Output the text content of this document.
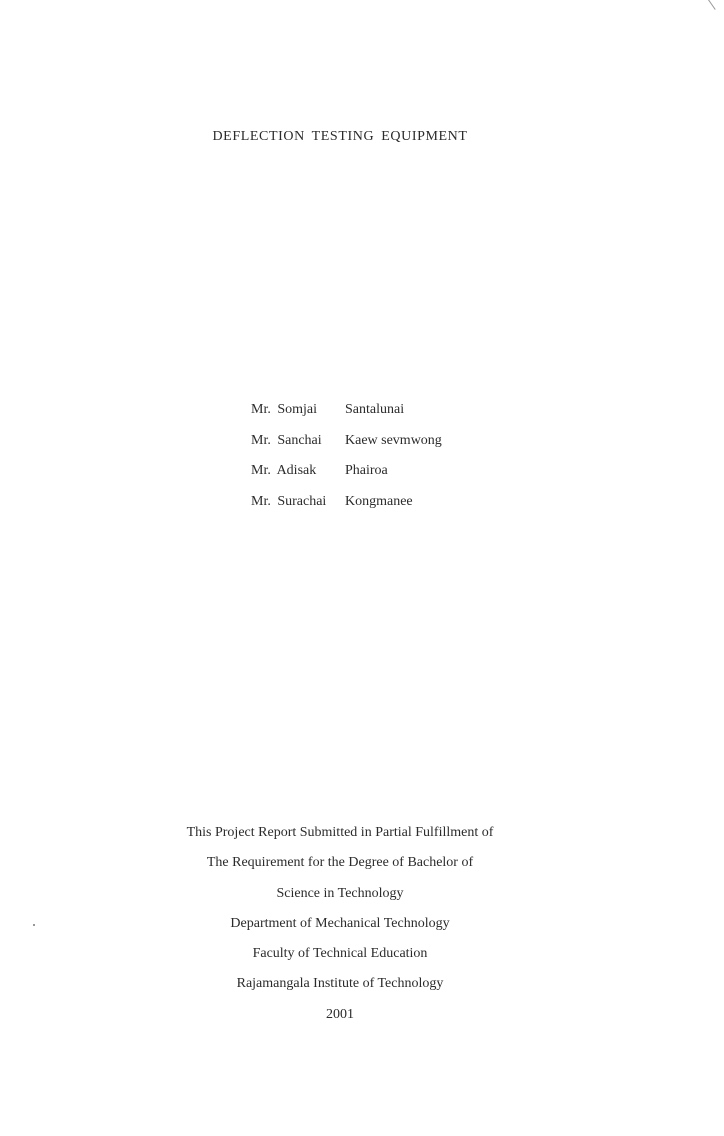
DEFLECTION TESTING EQUIPMENT
Mr. Somjai	Santalunai
Mr. Sanchai	Kaew sevmwong
Mr. Adisak	Phairoa
Mr. Surachai	Kongmanee
This Project Report Submitted in Partial Fulfillment of
The Requirement for the Degree of Bachelor of
Science in Technology
Department of Mechanical Technology
Faculty of Technical Education
Rajamangala Institute of Technology
2001
